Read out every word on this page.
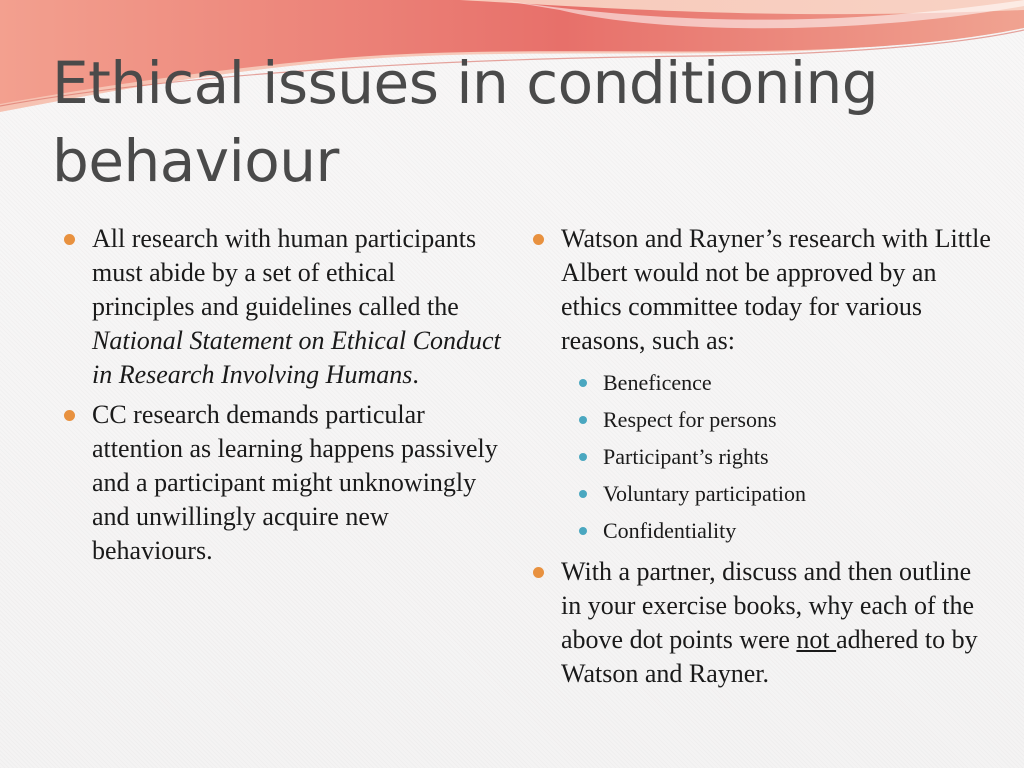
Ethical issues in conditioning behaviour
All research with human participants must abide by a set of ethical principles and guidelines called the National Statement on Ethical Conduct in Research Involving Humans.
CC research demands particular attention as learning happens passively and a participant might unknowingly and unwillingly acquire new behaviours.
Watson and Rayner’s research with Little Albert would not be approved by an ethics committee today for various reasons, such as:
Beneficence
Respect for persons
Participant’s rights
Voluntary participation
Confidentiality
With a partner, discuss and then outline in your exercise books, why each of the above dot points were not adhered to by Watson and Rayner.
